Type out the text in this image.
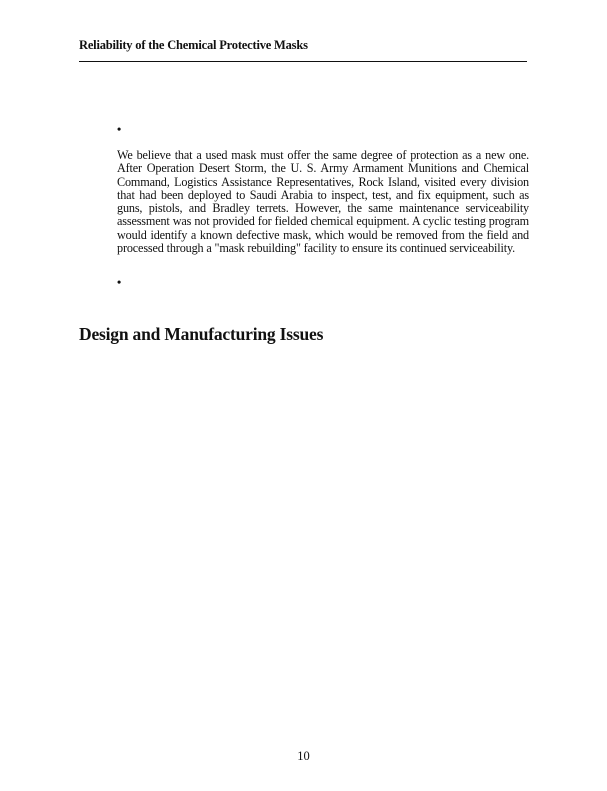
Reliability of the Chemical Protective Masks
•

We believe that a used mask must offer the same degree of protection as a new one. After Operation Desert Storm, the U. S. Army Armament Munitions and Chemical Command, Logistics Assistance Representatives, Rock Island, visited every division that had been deployed to Saudi Arabia to inspect, test, and fix equipment, such as guns, pistols, and Bradley terrets. However, the same maintenance serviceability assessment was not provided for fielded chemical equipment. A cyclic testing program would identify a known defective mask, which would be removed from the field and processed through a "mask rebuilding" facility to ensure its continued serviceability.

•
Design and Manufacturing Issues
10
